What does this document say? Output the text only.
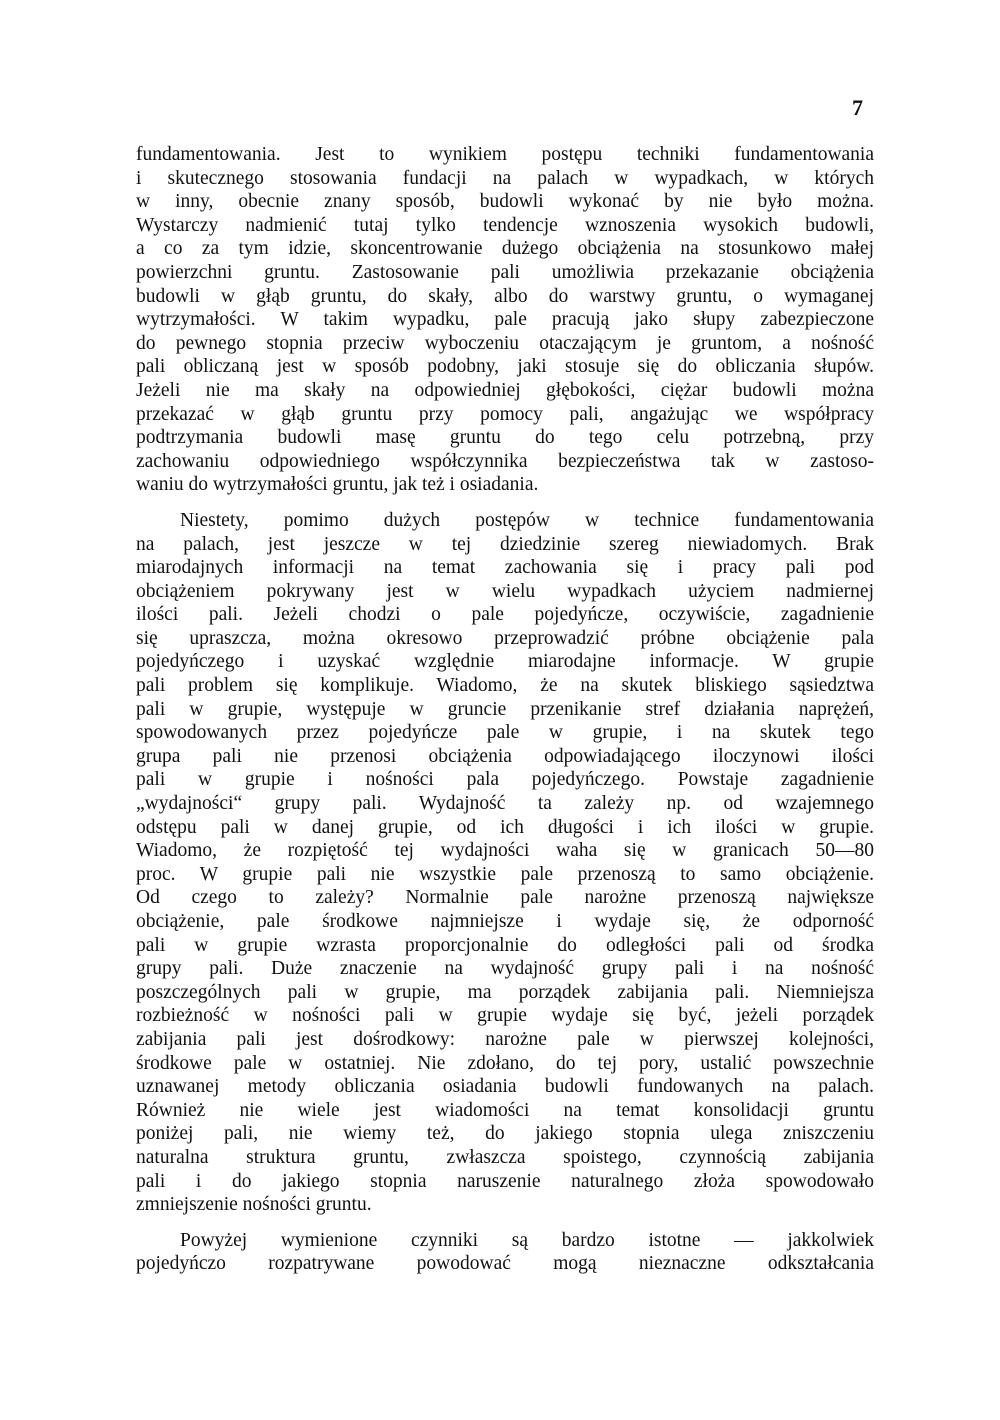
7

fundamentowania. Jest to wynikiem postępu techniki fundamentowania
i skutecznego stosowania fundacji na palach w wypadkach, w których
w inny, obecnie znany sposób, budowli wykonać by nie było można.
Wystarczy nadmienić tutaj tylko tendencje wznoszenia wysokich budowli,
a co za tym idzie, skoncentrowanie dużego obciążenia na stosunkowo małej
powierzchni gruntu. Zastosowanie pali umożliwia przekazanie obciążenia
budowli w głąb gruntu, do skały, albo do warstwy gruntu, o wymaganej
wytrzymałości. W takim wypadku, pale pracują jako słupy zabezpieczone
do pewnego stopnia przeciw wyboczeniu otaczającym je gruntom, a nośność
pali obliczaną jest w sposób podobny, jaki stosuje się do obliczania słupów.
Jeżeli nie ma skały na odpowiedniej głębokości, ciężar budowli można
przekazać w głąb gruntu przy pomocy pali, angażując we współpracy
podtrzymania budowli masę gruntu do tego celu potrzebną, przy
zachowaniu odpowiedniego współczynnika bezpieczeństwa tak w zastoso-
waniu do wytrzymałości gruntu, jak też i osiadania.

Niestety, pomimo dużych postępów w technice fundamentowania
na palach, jest jeszcze w tej dziedzinie szereg niewiadomych. Brak
miarodajnych informacji na temat zachowania się i pracy pali pod
obciążeniem pokrywany jest w wielu wypadkach użyciem nadmiernej
ilości pali. Jeżeli chodzi o pale pojedyńcze, oczywiście, zagadnienie
się upraszcza, można okresowo przeprowadzić próbne obciążenie pala
pojedyńczego i uzyskać względnie miarodajne informacje. W grupie
pali problem się komplikuje. Wiadomo, że na skutek bliskiego sąsiedztwa
pali w grupie, występuje w gruncie przenikanie stref działania naprężeń,
spowodowanych przez pojedyńcze pale w grupie, i na skutek tego
grupa pali nie przenosi obciążenia odpowiadającego iloczynowi ilości
pali w grupie i nośności pala pojedyńczego. Powstaje zagadnienie
„wydajności“ grupy pali. Wydajność ta zależy np. od wzajemnego
odstępu pali w danej grupie, od ich długości i ich ilości w grupie.
Wiadomo, że rozpiętość tej wydajności waha się w granicach 50—80
proc. W grupie pali nie wszystkie pale przenoszą to samo obciążenie.
Od czego to zależy? Normalnie pale narożne przenoszą największe
obciążenie, pale środkowe najmniejsze i wydaje się, że odporność
pali w grupie wzrasta proporcjonalnie do odległości pali od środka
grupy pali. Duże znaczenie na wydajność grupy pali i na nośność
poszczególnych pali w grupie, ma porządek zabijania pali. Niemniejsza
rozbieżność w nośności pali w grupie wydaje się być, jeżeli porządek
zabijania pali jest dośrodkowy: narożne pale w pierwszej kolejności,
środkowe pale w ostatniej. Nie zdołano, do tej pory, ustalić powszechnie
uznawanej metody obliczania osiadania budowli fundowanych na palach.
Również nie wiele jest wiadomości na temat konsolidacji gruntu
poniżej pali, nie wiemy też, do jakiego stopnia ulega zniszczeniu
naturalna struktura gruntu, zwłaszcza spoistego, czynnością zabijania
pali i do jakiego stopnia naruszenie naturalnego złoża spowodowało
zmniejszenie nośności gruntu.

Powyżej wymienione czynniki są bardzo istotne — jakkolwiek
pojedyńczo rozpatrywane powodować mogą nieznaczne odkształcania
